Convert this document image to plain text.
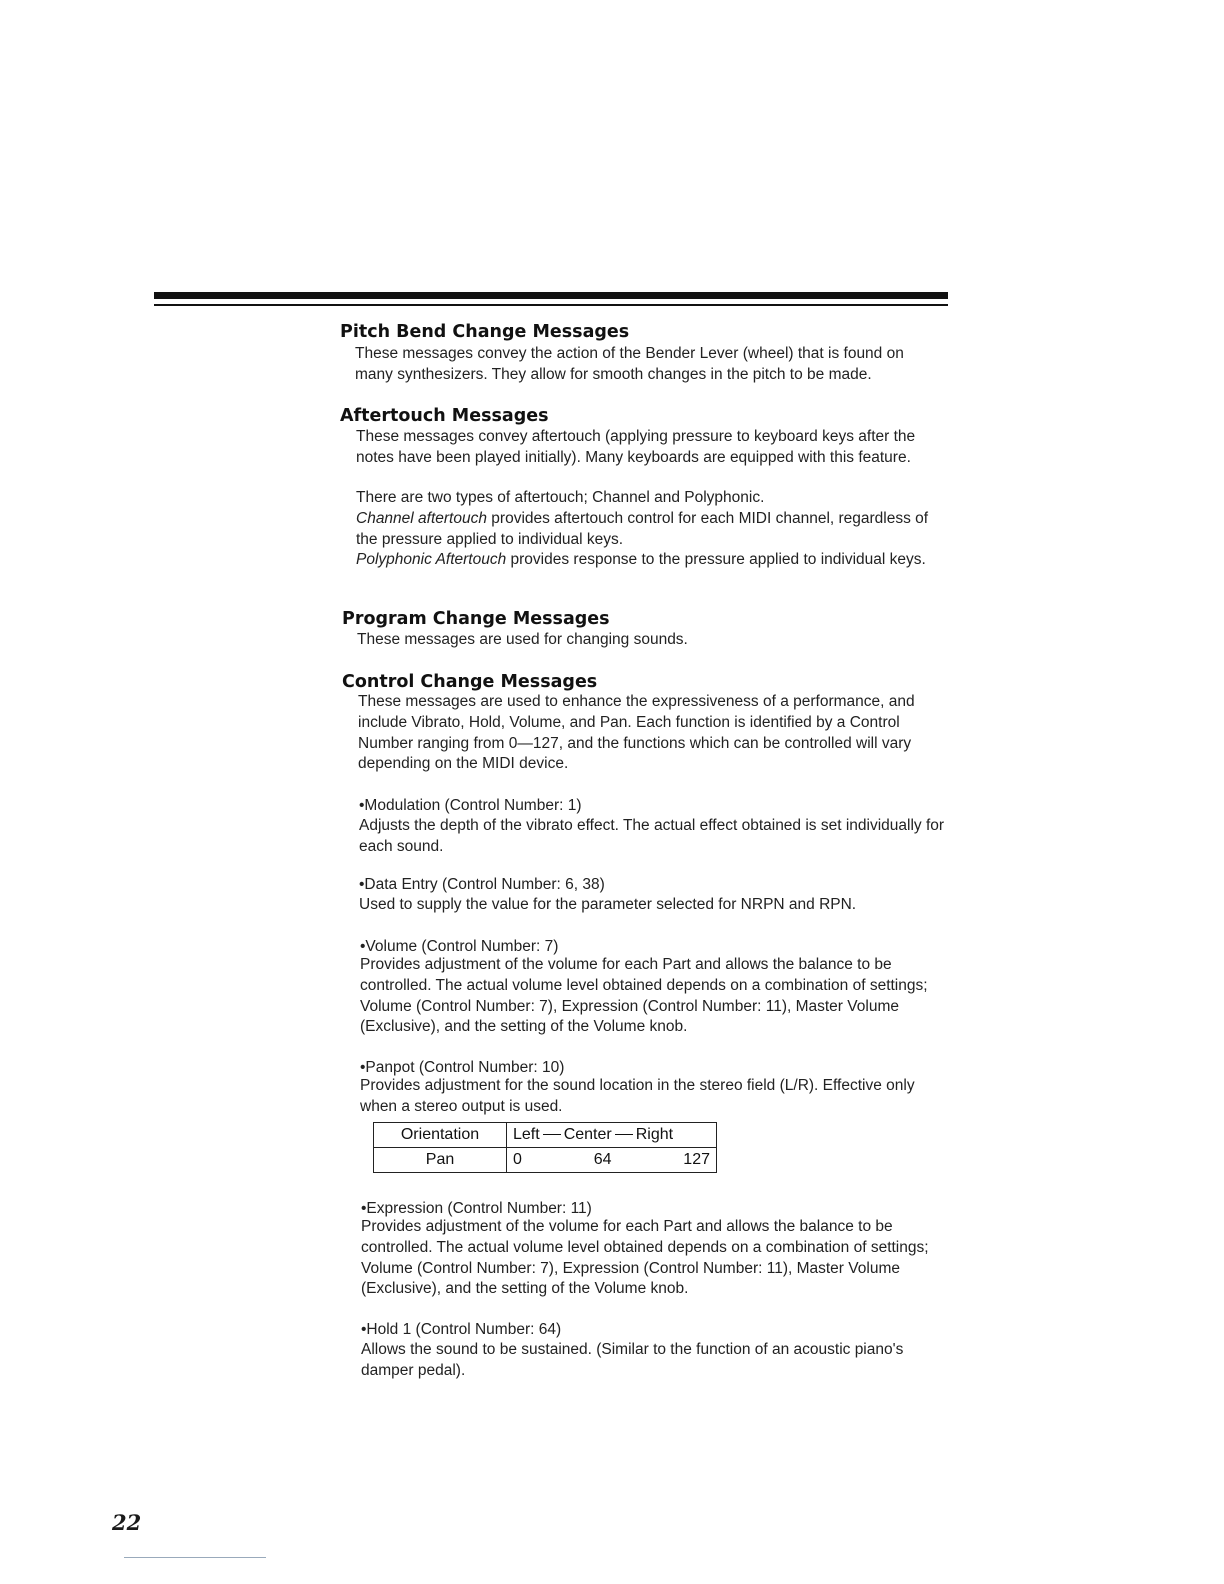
Pitch Bend Change Messages

These messages convey the action of the Bender Lever (wheel) that is found on many synthesizers. They allow for smooth changes in the pitch to be made.

Aftertouch Messages

These messages convey aftertouch (applying pressure to keyboard keys after the notes have been played initially). Many keyboards are equipped with this feature.

There are two types of aftertouch; Channel and Polyphonic.

Channel aftertouch provides aftertouch control for each MIDI channel, regardless of the pressure applied to individual keys.

Polyphonic Aftertouch provides response to the pressure applied to individual keys.

Program Change Messages

These messages are used for changing sounds.

Control Change Messages

These messages are used to enhance the expressiveness of a performance, and include Vibrato, Hold, Volume, and Pan. Each function is identified by a Control Number ranging from 0—127, and the functions which can be controlled will vary depending on the MIDI device.

•Modulation (Control Number: 1)

Adjusts the depth of the vibrato effect. The actual effect obtained is set individually for each sound.

•Data Entry (Control Number: 6, 38)

Used to supply the value for the parameter selected for NRPN and RPN.

•Volume (Control Number: 7)

Provides adjustment of the volume for each Part and allows the balance to be controlled. The actual volume level obtained depends on a combination of settings; Volume (Control Number: 7), Expression (Control Number: 11), Master Volume (Exclusive), and the setting of the Volume knob.

•Panpot (Control Number: 10)

Provides adjustment for the sound location in the stereo field (L/R). Effective only when a stereo output is used.

Orientation	Left Center Right
Pan	0 64 127

•Expression (Control Number: 11)

Provides adjustment of the volume for each Part and allows the balance to be controlled. The actual volume level obtained depends on a combination of settings; Volume (Control Number: 7), Expression (Control Number: 11), Master Volume (Exclusive), and the setting of the Volume knob.

•Hold 1 (Control Number: 64)

Allows the sound to be sustained. (Similar to the function of an acoustic piano's damper pedal).

22
